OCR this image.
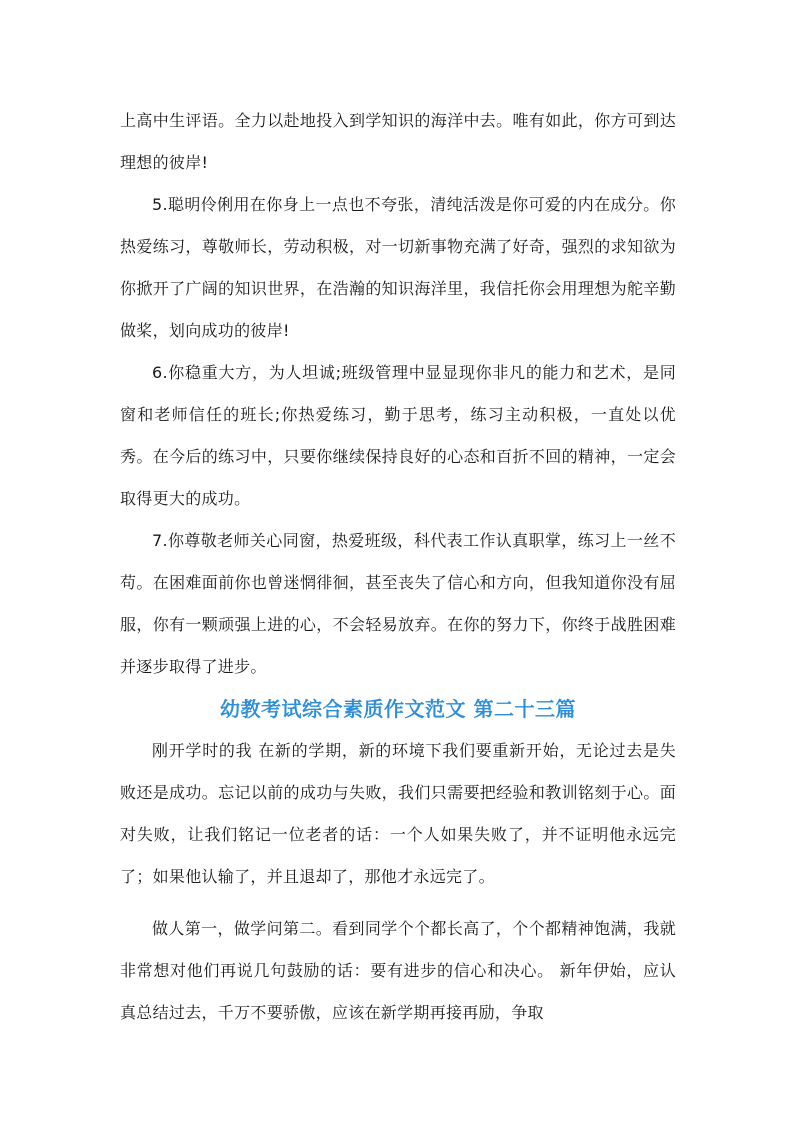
上高中生评语。全力以赴地投入到学知识的海洋中去。唯有如此，你方可到达理想的彼岸!

5.聪明伶俐用在你身上一点也不夸张，清纯活泼是你可爱的内在成分。你热爱练习，尊敬师长，劳动积极，对一切新事物充满了好奇，强烈的求知欲为你掀开了广阔的知识世界，在浩瀚的知识海洋里，我信托你会用理想为舵辛勤做桨，划向成功的彼岸!

6.你稳重大方，为人坦诚;班级管理中显显现你非凡的能力和艺术，是同窗和老师信任的班长;你热爱练习，勤于思考，练习主动积极，一直处以优秀。在今后的练习中，只要你继续保持良好的心态和百折不回的精神，一定会取得更大的成功。

7.你尊敬老师关心同窗，热爱班级，科代表工作认真职掌，练习上一丝不苟。在困难面前你也曾迷惘徘徊，甚至丧失了信心和方向，但我知道你没有屈服，你有一颗顽强上进的心，不会轻易放弃。在你的努力下，你终于战胜困难并逐步取得了进步。

幼教考试综合素质作文范文 第二十三篇

刚开学时的我 在新的学期，新的环境下我们要重新开始，无论过去是失败还是成功。忘记以前的成功与失败，我们只需要把经验和教训铭刻于心。面对失败，让我们铭记一位老者的话：一个人如果失败了，并不证明他永远完了；如果他认输了，并且退却了，那他才永远完了。

做人第一，做学问第二。看到同学个个都长高了，个个都精神饱满，我就非常想对他们再说几句鼓励的话：要有进步的信心和决心。 新年伊始，应认真总结过去，千万不要骄傲，应该在新学期再接再励，争取
